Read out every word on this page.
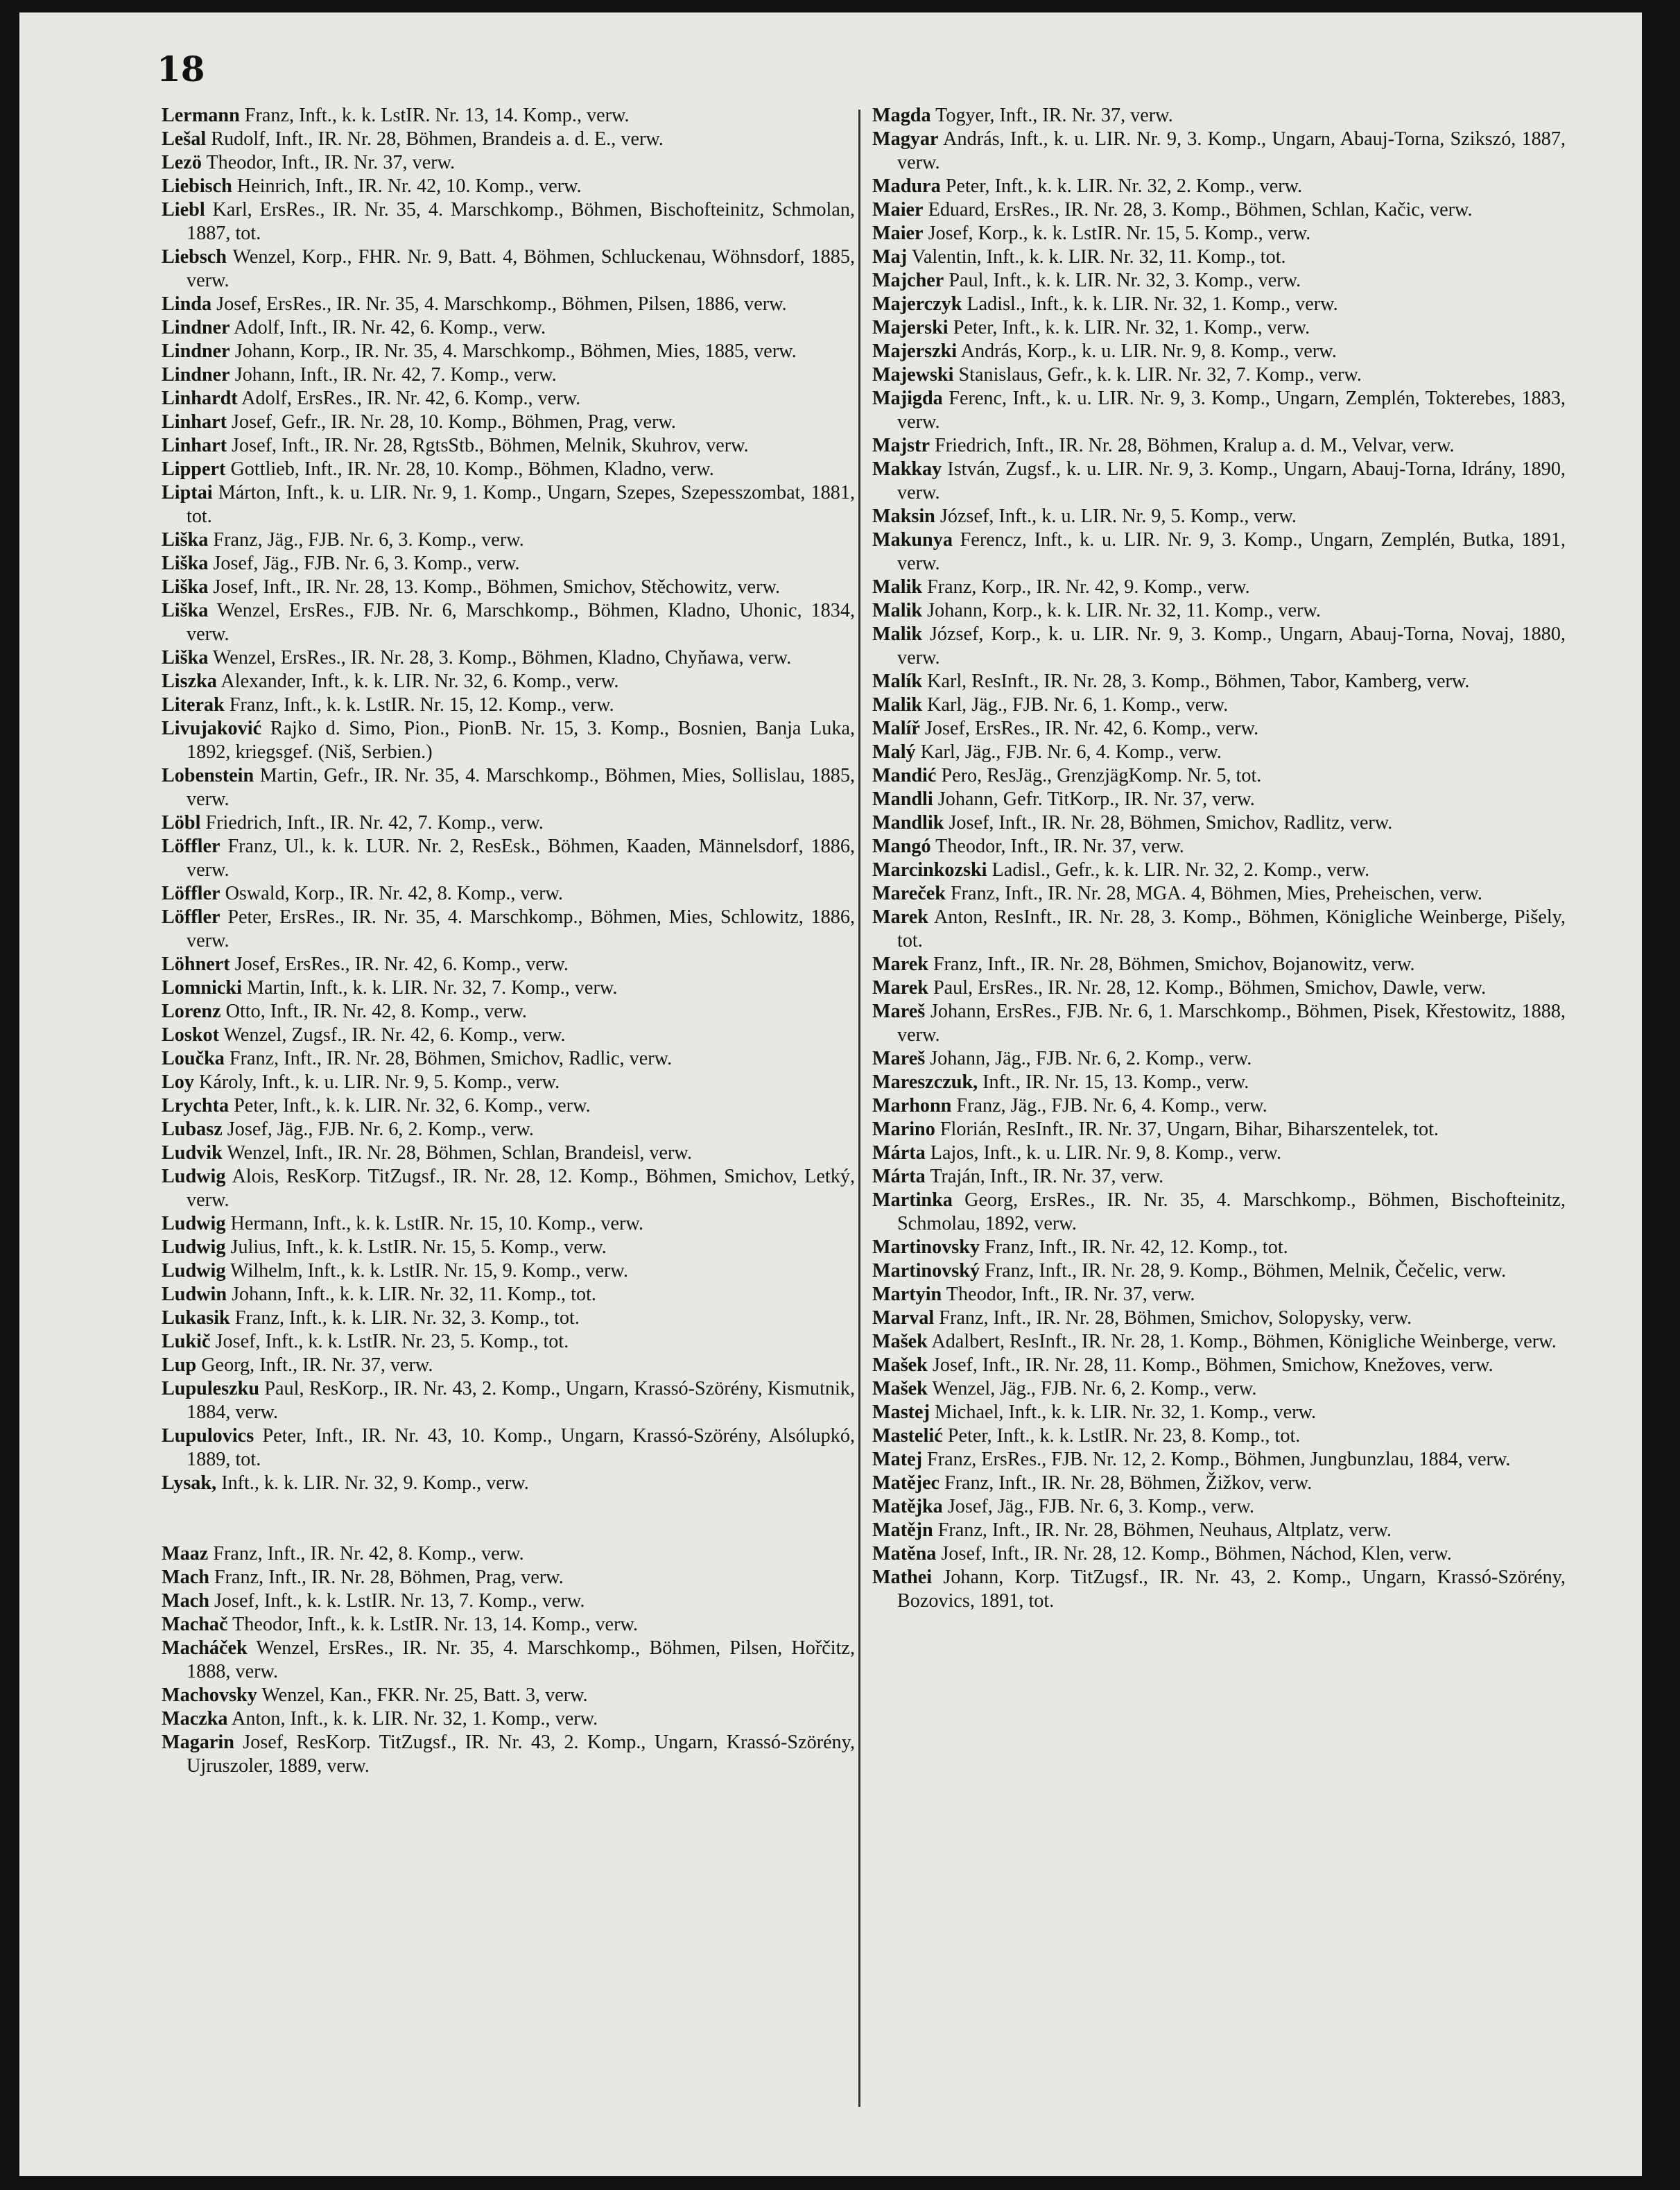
18

Lermann Franz, Inft., k. k. LstIR. Nr. 13, 14. Komp., verw.

Lešal Rudolf, Inft., IR. Nr. 28, Böhmen, Brandeis a. d. E., verw.

Lezö Theodor, Inft., IR. Nr. 37, verw.

Liebisch Heinrich, Inft., IR. Nr. 42, 10. Komp., verw.

Liebl Karl, ErsRes., IR. Nr. 35, 4. Marschkomp., Böhmen, Bischofteinitz, Schmolan, 1887, tot.

Liebsch Wenzel, Korp., FHR. Nr. 9, Batt. 4, Böhmen, Schluckenau, Wöhnsdorf, 1885, verw.

Linda Josef, ErsRes., IR. Nr. 35, 4. Marschkomp., Böhmen, Pilsen, 1886, verw.

Lindner Adolf, Inft., IR. Nr. 42, 6. Komp., verw.

Lindner Johann, Korp., IR. Nr. 35, 4. Marschkomp., Böhmen, Mies, 1885, verw.

Lindner Johann, Inft., IR. Nr. 42, 7. Komp., verw.

Linhardt Adolf, ErsRes., IR. Nr. 42, 6. Komp., verw.

Linhart Josef, Gefr., IR. Nr. 28, 10. Komp., Böhmen, Prag, verw.

Linhart Josef, Inft., IR. Nr. 28, RgtsStb., Böhmen, Melnik, Skuhrov, verw.

Lippert Gottlieb, Inft., IR. Nr. 28, 10. Komp., Böhmen, Kladno, verw.

Liptai Márton, Inft., k. u. LIR. Nr. 9, 1. Komp., Ungarn, Szepes, Szepesszombat, 1881, tot.

Liška Franz, Jäg., FJB. Nr. 6, 3. Komp., verw.

Liška Josef, Jäg., FJB. Nr. 6, 3. Komp., verw.

Liška Josef, Inft., IR. Nr. 28, 13. Komp., Böhmen, Smichov, Stěchowitz, verw.

Liška Wenzel, ErsRes., FJB. Nr. 6, Marschkomp., Böhmen, Kladno, Uhonic, 1834, verw.

Liška Wenzel, ErsRes., IR. Nr. 28, 3. Komp., Böhmen, Kladno, Chyňawa, verw.

Liszka Alexander, Inft., k. k. LIR. Nr. 32, 6. Komp., verw.

Literak Franz, Inft., k. k. LstIR. Nr. 15, 12. Komp., verw.

Livujaković Rajko d. Simo, Pion., PionB. Nr. 15, 3. Komp., Bosnien, Banja Luka, 1892, kriegsgef. (Niš, Serbien.)

Lobenstein Martin, Gefr., IR. Nr. 35, 4. Marschkomp., Böhmen, Mies, Sollislau, 1885, verw.

Löbl Friedrich, Inft., IR. Nr. 42, 7. Komp., verw.

Löffler Franz, Ul., k. k. LUR. Nr. 2, ResEsk., Böhmen, Kaaden, Männelsdorf, 1886, verw.

Löffler Oswald, Korp., IR. Nr. 42, 8. Komp., verw.

Löffler Peter, ErsRes., IR. Nr. 35, 4. Marschkomp., Böhmen, Mies, Schlowitz, 1886, verw.

Löhnert Josef, ErsRes., IR. Nr. 42, 6. Komp., verw.

Lomnicki Martin, Inft., k. k. LIR. Nr. 32, 7. Komp., verw.

Lorenz Otto, Inft., IR. Nr. 42, 8. Komp., verw.

Loskot Wenzel, Zugsf., IR. Nr. 42, 6. Komp., verw.

Loučka Franz, Inft., IR. Nr. 28, Böhmen, Smichov, Radlic, verw.

Loy Károly, Inft., k. u. LIR. Nr. 9, 5. Komp., verw.

Lrychta Peter, Inft., k. k. LIR. Nr. 32, 6. Komp., verw.

Lubasz Josef, Jäg., FJB. Nr. 6, 2. Komp., verw.

Ludvik Wenzel, Inft., IR. Nr. 28, Böhmen, Schlan, Brandeisl, verw.

Ludwig Alois, ResKorp. TitZugsf., IR. Nr. 28, 12. Komp., Böhmen, Smichov, Letký, verw.

Ludwig Hermann, Inft., k. k. LstIR. Nr. 15, 10. Komp., verw.

Ludwig Julius, Inft., k. k. LstIR. Nr. 15, 5. Komp., verw.

Ludwig Wilhelm, Inft., k. k. LstIR. Nr. 15, 9. Komp., verw.

Ludwin Johann, Inft., k. k. LIR. Nr. 32, 11. Komp., tot.

Lukasik Franz, Inft., k. k. LIR. Nr. 32, 3. Komp., tot.

Lukič Josef, Inft., k. k. LstIR. Nr. 23, 5. Komp., tot.

Lup Georg, Inft., IR. Nr. 37, verw.

Lupuleszku Paul, ResKorp., IR. Nr. 43, 2. Komp., Ungarn, Krassó-Szörény, Kismutnik, 1884, verw.

Lupulovics Peter, Inft., IR. Nr. 43, 10. Komp., Ungarn, Krassó-Szörény, Alsólupkó, 1889, tot.

Lysak, Inft., k. k. LIR. Nr. 32, 9. Komp., verw.

Maaz Franz, Inft., IR. Nr. 42, 8. Komp., verw.

Mach Franz, Inft., IR. Nr. 28, Böhmen, Prag, verw.

Mach Josef, Inft., k. k. LstIR. Nr. 13, 7. Komp., verw.

Machač Theodor, Inft., k. k. LstIR. Nr. 13, 14. Komp., verw.

Macháček Wenzel, ErsRes., IR. Nr. 35, 4. Marschkomp., Böhmen, Pilsen, Hořčitz, 1888, verw.

Machovsky Wenzel, Kan., FKR. Nr. 25, Batt. 3, verw.

Maczka Anton, Inft., k. k. LIR. Nr. 32, 1. Komp., verw.

Magarin Josef, ResKorp. TitZugsf., IR. Nr. 43, 2. Komp., Ungarn, Krassó-Szörény, Ujruszoler, 1889, verw.

Magda Togyer, Inft., IR. Nr. 37, verw.

Magyar András, Inft., k. u. LIR. Nr. 9, 3. Komp., Ungarn, Abauj-Torna, Szikszó, 1887, verw.

Madura Peter, Inft., k. k. LIR. Nr. 32, 2. Komp., verw.

Maier Eduard, ErsRes., IR. Nr. 28, 3. Komp., Böhmen, Schlan, Kačic, verw.

Maier Josef, Korp., k. k. LstIR. Nr. 15, 5. Komp., verw.

Maj Valentin, Inft., k. k. LIR. Nr. 32, 11. Komp., tot.

Majcher Paul, Inft., k. k. LIR. Nr. 32, 3. Komp., verw.

Majerczyk Ladisl., Inft., k. k. LIR. Nr. 32, 1. Komp., verw.

Majerski Peter, Inft., k. k. LIR. Nr. 32, 1. Komp., verw.

Majerszki András, Korp., k. u. LIR. Nr. 9, 8. Komp., verw.

Majewski Stanislaus, Gefr., k. k. LIR. Nr. 32, 7. Komp., verw.

Majigda Ferenc, Inft., k. u. LIR. Nr. 9, 3. Komp., Ungarn, Zemplén, Tokterebes, 1883, verw.

Majstr Friedrich, Inft., IR. Nr. 28, Böhmen, Kralup a. d. M., Velvar, verw.

Makkay István, Zugsf., k. u. LIR. Nr. 9, 3. Komp., Ungarn, Abauj-Torna, Idrány, 1890, verw.

Maksin József, Inft., k. u. LIR. Nr. 9, 5. Komp., verw.

Makunya Ferencz, Inft., k. u. LIR. Nr. 9, 3. Komp., Ungarn, Zemplén, Butka, 1891, verw.

Malik Franz, Korp., IR. Nr. 42, 9. Komp., verw.

Malik Johann, Korp., k. k. LIR. Nr. 32, 11. Komp., verw.

Malik József, Korp., k. u. LIR. Nr. 9, 3. Komp., Ungarn, Abauj-Torna, Novaj, 1880, verw.

Malík Karl, ResInft., IR. Nr. 28, 3. Komp., Böhmen, Tabor, Kamberg, verw.

Malik Karl, Jäg., FJB. Nr. 6, 1. Komp., verw.

Malíř Josef, ErsRes., IR. Nr. 42, 6. Komp., verw.

Malý Karl, Jäg., FJB. Nr. 6, 4. Komp., verw.

Mandić Pero, ResJäg., GrenzjägKomp. Nr. 5, tot.

Mandli Johann, Gefr. TitKorp., IR. Nr. 37, verw.

Mandlik Josef, Inft., IR. Nr. 28, Böhmen, Smichov, Radlitz, verw.

Mangó Theodor, Inft., IR. Nr. 37, verw.

Marcinkozski Ladisl., Gefr., k. k. LIR. Nr. 32, 2. Komp., verw.

Mareček Franz, Inft., IR. Nr. 28, MGA. 4, Böhmen, Mies, Preheischen, verw.

Marek Anton, ResInft., IR. Nr. 28, 3. Komp., Böhmen, Königliche Weinberge, Pišely, tot.

Marek Franz, Inft., IR. Nr. 28, Böhmen, Smichov, Bojanowitz, verw.

Marek Paul, ErsRes., IR. Nr. 28, 12. Komp., Böhmen, Smichov, Dawle, verw.

Mareš Johann, ErsRes., FJB. Nr. 6, 1. Marschkomp., Böhmen, Pisek, Křestowitz, 1888, verw.

Mareš Johann, Jäg., FJB. Nr. 6, 2. Komp., verw.

Mareszczuk, Inft., IR. Nr. 15, 13. Komp., verw.

Marhonn Franz, Jäg., FJB. Nr. 6, 4. Komp., verw.

Marino Florián, ResInft., IR. Nr. 37, Ungarn, Bihar, Biharszentelek, tot.

Márta Lajos, Inft., k. u. LIR. Nr. 9, 8. Komp., verw.

Márta Traján, Inft., IR. Nr. 37, verw.

Martinka Georg, ErsRes., IR. Nr. 35, 4. Marschkomp., Böhmen, Bischofteinitz, Schmolau, 1892, verw.

Martinovsky Franz, Inft., IR. Nr. 42, 12. Komp., tot.

Martinovský Franz, Inft., IR. Nr. 28, 9. Komp., Böhmen, Melnik, Čečelic, verw.

Martyin Theodor, Inft., IR. Nr. 37, verw.

Marval Franz, Inft., IR. Nr. 28, Böhmen, Smichov, Solopysky, verw.

Mašek Adalbert, ResInft., IR. Nr. 28, 1. Komp., Böhmen, Königliche Weinberge, verw.

Mašek Josef, Inft., IR. Nr. 28, 11. Komp., Böhmen, Smichow, Knežoves, verw.

Mašek Wenzel, Jäg., FJB. Nr. 6, 2. Komp., verw.

Mastej Michael, Inft., k. k. LIR. Nr. 32, 1. Komp., verw.

Mastelić Peter, Inft., k. k. LstIR. Nr. 23, 8. Komp., tot.

Matej Franz, ErsRes., FJB. Nr. 12, 2. Komp., Böhmen, Jungbunzlau, 1884, verw.

Matějec Franz, Inft., IR. Nr. 28, Böhmen, Žižkov, verw.

Matějka Josef, Jäg., FJB. Nr. 6, 3. Komp., verw.

Matějn Franz, Inft., IR. Nr. 28, Böhmen, Neuhaus, Altplatz, verw.

Matěna Josef, Inft., IR. Nr. 28, 12. Komp., Böhmen, Náchod, Klen, verw.

Mathei Johann, Korp. TitZugsf., IR. Nr. 43, 2. Komp., Ungarn, Krassó-Szörény, Bozovics, 1891, tot.
